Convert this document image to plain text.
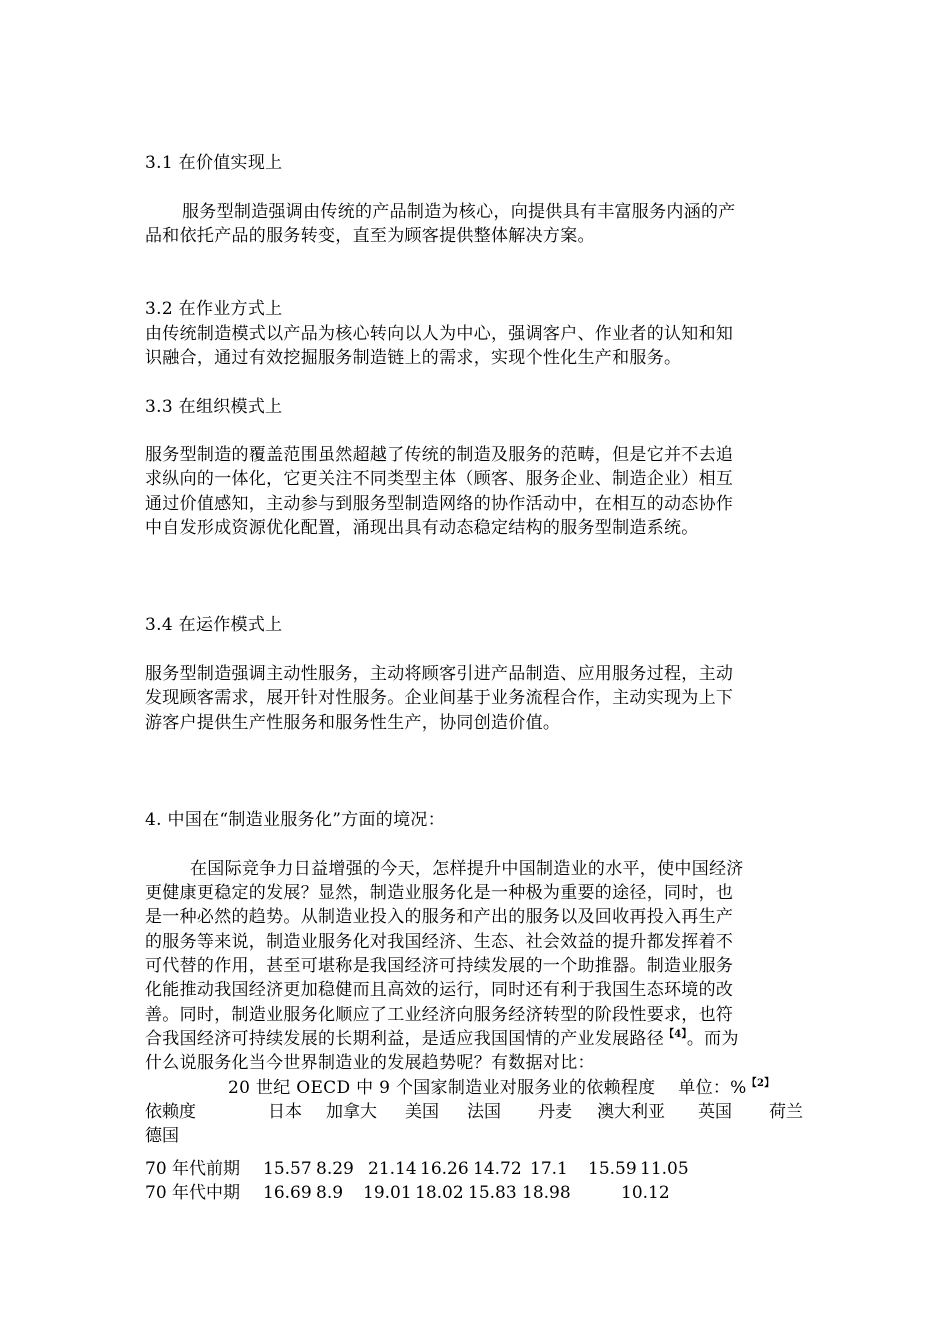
3.1 在价值实现上
服务型制造强调由传统的产品制造为核心，向提供具有丰富服务内涵的产
品和依托产品的服务转变，直至为顾客提供整体解决方案。
3.2 在作业方式上
由传统制造模式以产品为核心转向以人为中心，强调客户、作业者的认知和知
识融合，通过有效挖掘服务制造链上的需求，实现个性化生产和服务。
3.3 在组织模式上
服务型制造的覆盖范围虽然超越了传统的制造及服务的范畴，但是它并不去追
求纵向的一体化，它更关注不同类型主体（顾客、服务企业、制造企业）相互
通过价值感知，主动参与到服务型制造网络的协作活动中，在相互的动态协作
中自发形成资源优化配置，涌现出具有动态稳定结构的服务型制造系统。
3.4 在运作模式上
服务型制造强调主动性服务，主动将顾客引进产品制造、应用服务过程，主动
发现顾客需求，展开针对性服务。企业间基于业务流程合作，主动实现为上下
游客户提供生产性服务和服务性生产，协同创造价值。
4. 中国在“制造业服务化”方面的境况：
在国际竞争力日益增强的今天，怎样提升中国制造业的水平，使中国经济
更健康更稳定的发展？显然，制造业服务化是一种极为重要的途径，同时，也
是一种必然的趋势。从制造业投入的服务和产出的服务以及回收再投入再生产
的服务等来说，制造业服务化对我国经济、生态、社会效益的提升都发挥着不
可代替的作用，甚至可堪称是我国经济可持续发展的一个助推器。制造业服务
化能推动我国经济更加稳健而且高效的运行，同时还有利于我国生态环境的改
善。同时，制造业服务化顺应了工业经济向服务经济转型的阶段性要求，也符
合我国经济可持续发展的长期利益，是适应我国国情的产业发展路径$^{【4】}$。而为
什么说服务化当今世界制造业的发展趋势呢？有数据对比：
20 世纪 OECD 中 9 个国家制造业对服务业的依赖程度 单位：%$^{【2】}$
依赖度	日本 加拿大 美国 法国 丹麦 澳大利亚 英国 荷兰
德国
70 年代前期 15.57 8.29 21.14 16.26 14.72 17.1 15.59 11.05
70 年代中期 16.69 8.9 19.01 18.02 15.83 18.98	10.12
